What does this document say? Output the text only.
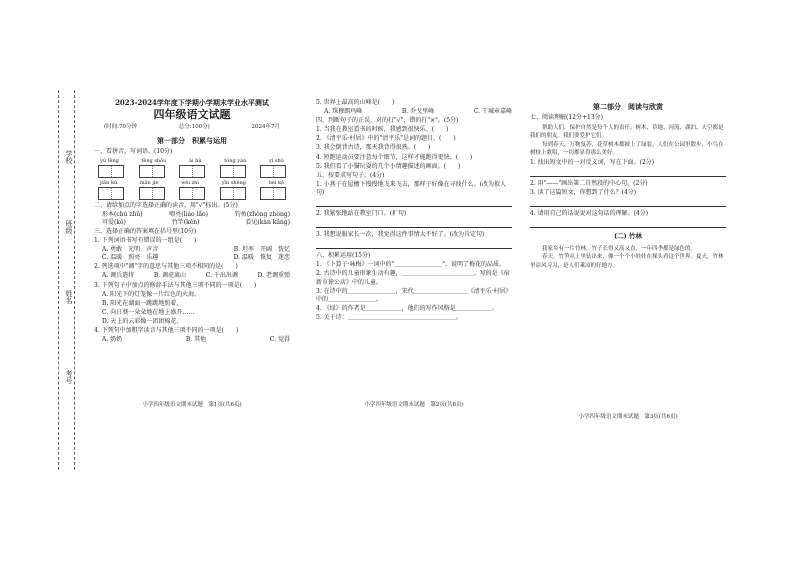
学校
班级
姓名
考号
2023-2024学年度下学期小学期末学业水平测试
四年级语文试题
(时间:70分钟	总分:100分)	2024年7月
第一部分　积累与运用
一、看拼音，写词语。(10分)
yú fēng	fēng shōu	ài hù	tóng yán	yì shù
jiān kǔ	mǎn jiè	wèi zhì	yǐn shēng	bèi kě
二、请给加点的字选择正确的读音，用"√"标出。(5分)
形本(chú zhū)	嘹亮(liáo lǎo)	钓鱼(zhǒng zhòng)
可爱(kě)	竹竿(kēn)	看见(kàn kǎng)
三、选择正确的答案填在括号里(10分)
1. 下列词语书写有错误的一组是(　　)
A. 勇敢　光明　声音	B. 坦率　开阔　恍忆
C. 温暖　照亮　乐趣	D. 温暖　恢复　迷恋
2. 列选项中"调"字的意思与其他三项不相同的是(　　)
A. 调兵遣将	B. 调虎离山	C. 千出出调	D. 老调重弹
3. 下列句子中加点的修辞手法与其他三项不同的一项是(　　)
A. 阳光下的灯笼像一片红色的火海。
B. 阳光在湖面一跳跳地照着，
C. 向日葵一朵朵地在地上盛开……
D. 天上的云彩像一团团棉花。
4. 下列句中加粗字读音与其他三项不同的一项是(　　)
A. 奶奶	B. 其他	C. 觉得
小学四年级语文期末试题　第1页(共6页)
5. 世界上最高的山峰是(　　)
A. 珠穆朗玛峰	B. 乔戈里峰	C. 干城章嘉峰
四、判断句子的正误，对的打"√"，错的打"×"。(5分)
1. 当我在教室看书的时候，我感到很快乐。(　　)
2. 《清平乐·村居》中的"清平乐"是词的题目。(　　)
3. 我会倒背古诗，那天我背得很熟。(　　)
4. 短跑运动员要注意每个细节，这样才能跑得更快。(　　)
5. 我们看了小猫玩耍的几个小情趣描述的画面。(　　)
五、按要求写句子。(4分)
1. 小燕子在屋檐下慢慢地飞来飞去，那样子好像在寻找什么。(改为拟人句)
2. 我紧张地站在教室门口。(扩句)
3. 我想说服家长一次，我觉得这件事情太不好了。(改为肯定句)
六、积累运用(15分)
1. 《卜算子·咏梅》一词中的"＿＿＿＿＿＿＿＿"，说明了梅花的品质。
2. 古诗中的儿童形象生动有趣，＿＿＿＿＿＿＿＿＿＿＿＿。写的是《宿新市徐公店》中的儿童。
3. 在诗中的＿＿＿＿＿＿＿＿，宋代＿＿＿＿＿＿＿＿＿《清平乐·村居》中的＿＿＿＿＿＿＿＿。
4. 《绿》的作者是＿＿＿＿＿＿，他们的写作风格是＿＿＿＿＿＿。
5. 关于诗：＿＿＿＿＿＿＿＿＿＿＿＿＿＿＿＿＿＿。
小学四年级语文期末试题　第2页(共6页)
第二部分　阅读与欣赏
七、阅读理解(12分+13分)
帮助人们，保护自然是每个人的责任。树木、草地、河流、湖泊、天空都是我们的朋友。我们要爱护它们。
每到春天，万物复苏，花草树木都披上了绿装。人们在公园里散步，小鸟在树枝上歌唱，一切都显得那么美好。
1. 找出短文中的一对反义词，写在下面。(2分)
2. 用"——"画出第二自然段的中心句。(2分)
3. 读了这篇短文，你想到了什么？(4分)
4. 请用自己的话说说对这句话的理解。(4分)
(二) 竹林
我家乡有一片竹林，竹子长得又高又直，一年四季都是绿色的。
春天，竹笋从土里钻出来，像一个个小娃娃在探头看这个世界。夏天，竹林里凉风习习，是人们乘凉的好地方。
小学四年级语文期末试题　第3页(共6页)
